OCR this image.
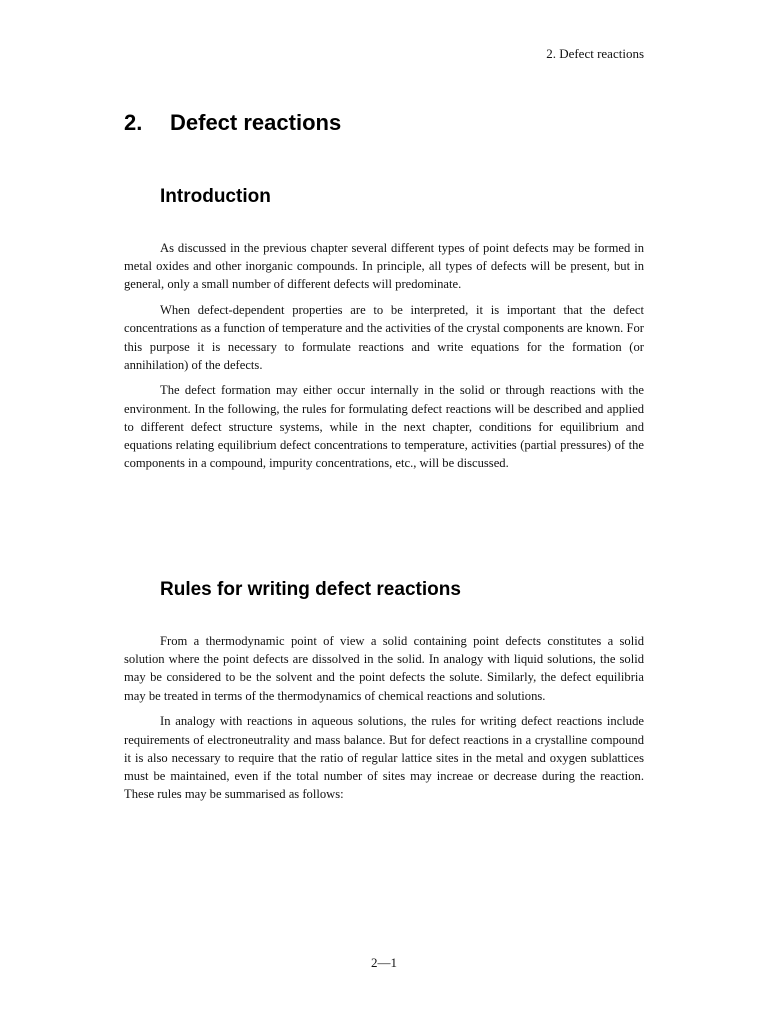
2. Defect reactions
2. Defect reactions
Introduction

As discussed in the previous chapter several different types of point defects may be formed in metal oxides and other inorganic compounds. In principle, all types of defects will be present, but in general, only a small number of different defects will predominate.

When defect-dependent properties are to be interpreted, it is important that the defect concentrations as a function of temperature and the activities of the crystal components are known. For this purpose it is necessary to formulate reactions and write equations for the formation (or annihilation) of the defects.

The defect formation may either occur internally in the solid or through reactions with the environment. In the following, the rules for formulating defect reactions will be described and applied to different defect structure systems, while in the next chapter, conditions for equilibrium and equations relating equilibrium defect concentrations to temperature, activities (partial pressures) of the components in a compound, impurity concentrations, etc., will be discussed.

Rules for writing defect reactions

From a thermodynamic point of view a solid containing point defects constitutes a solid solution where the point defects are dissolved in the solid. In analogy with liquid solutions, the solid may be considered to be the solvent and the point defects the solute. Similarly, the defect equilibria may be treated in terms of the thermodynamics of chemical reactions and solutions.

In analogy with reactions in aqueous solutions, the rules for writing defect reactions include requirements of electroneutrality and mass balance. But for defect reactions in a crystalline compound it is also necessary to require that the ratio of regular lattice sites in the metal and oxygen sublattices must be maintained, even if the total number of sites may increae or decrease during the reaction. These rules may be summarised as follows:

2—1
